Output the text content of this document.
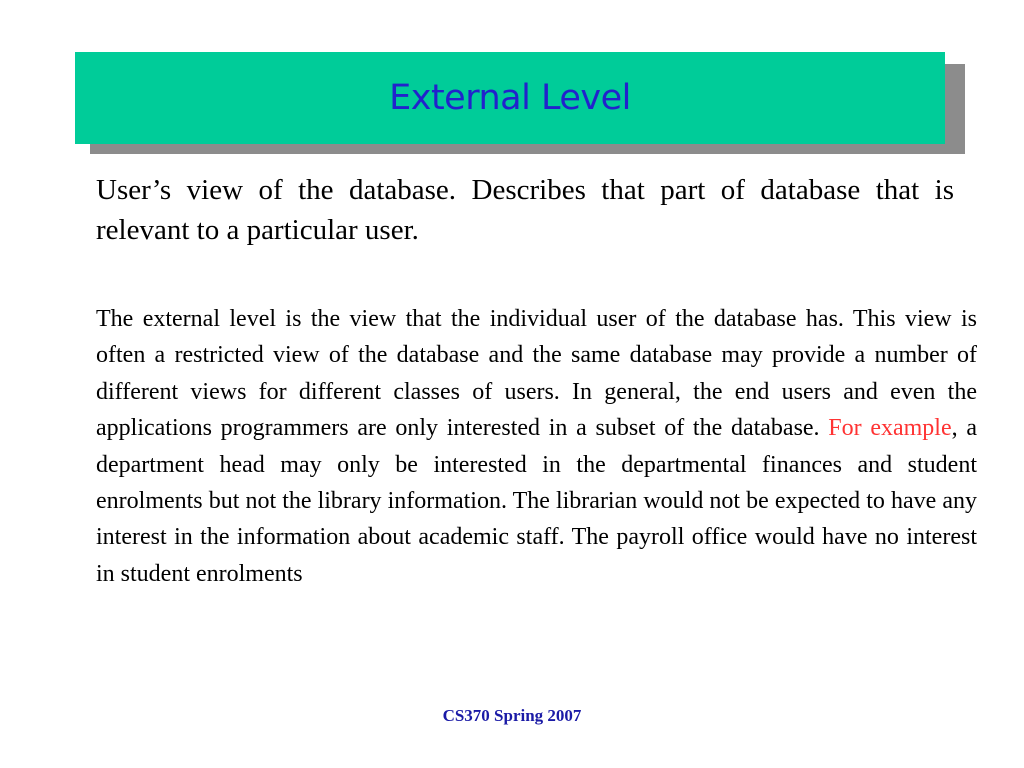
External Level

User’s view of the database. Describes that part of database that is relevant to a particular user.

The external level is the view that the individual user of the database has. This view is often a restricted view of the database and the same database may provide a number of different views for different classes of users. In general, the end users and even the applications programmers are only interested in a subset of the database. For example, a department head may only be interested in the departmental finances and student enrolments but not the library information. The librarian would not be expected to have any interest in the information about academic staff. The payroll office would have no interest in student enrolments

CS370 Spring 2007
